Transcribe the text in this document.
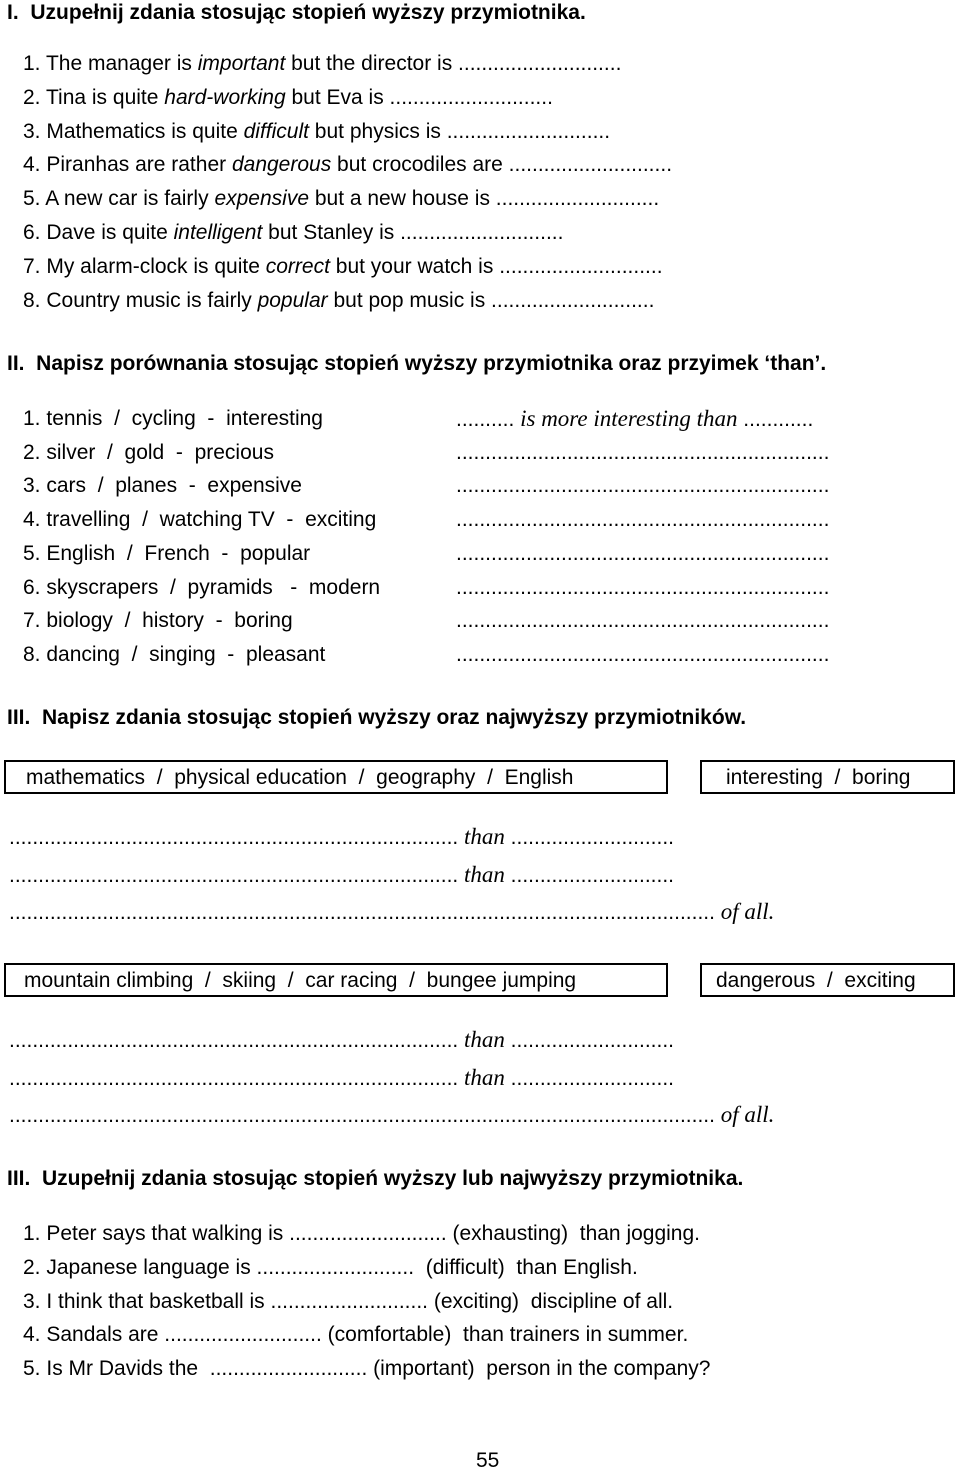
I.  Uzupełnij zdania stosując stopień wyższy przymiotnika.
1. The manager is important but the director is ............................
2. Tina is quite hard-working but Eva is ............................
3. Mathematics is quite difficult but physics is ............................
4. Piranhas are rather dangerous but crocodiles are ............................
5. A new car is fairly expensive but a new house is ............................
6. Dave is quite intelligent but Stanley is ............................
7. My alarm-clock is quite correct but your watch is ............................
8. Country music is fairly popular but pop music is ............................
II.  Napisz porównania stosując stopień wyższy przymiotnika oraz przyimek ‘than’.
1. tennis  /  cycling  -  interesting	.......... is more interesting than ............
2. silver  /  gold  -  precious	................................................................
3. cars  /  planes  -  expensive	................................................................
4. travelling  /  watching TV  -  exciting	................................................................
5. English  /  French  -  popular	................................................................
6. skyscrapers  /  pyramids   -  modern	................................................................
7. biology  /  history  -  boring	................................................................
8. dancing  /  singing  -  pleasant	................................................................
III.  Napisz zdania stosując stopień wyższy oraz najwyższy przymiotników.
mathematics  /  physical education  /  geography  /  English	interesting  /  boring
............................................................................. than ............................
............................................................................. than ............................
......................................................................................................................... of all.
mountain climbing  /  skiing  /  car racing  /  bungee jumping	dangerous  /  exciting
............................................................................. than ............................
............................................................................. than ............................
......................................................................................................................... of all.
III.  Uzupełnij zdania stosując stopień wyższy lub najwyższy przymiotnika.
1. Peter says that walking is ........................... (exhausting)  than jogging.
2. Japanese language is ...........................  (difficult)  than English.
3. I think that basketball is ........................... (exciting)  discipline of all.
4. Sandals are ........................... (comfortable)  than trainers in summer.
5. Is Mr Davids the  ........................... (important)  person in the company?
55
